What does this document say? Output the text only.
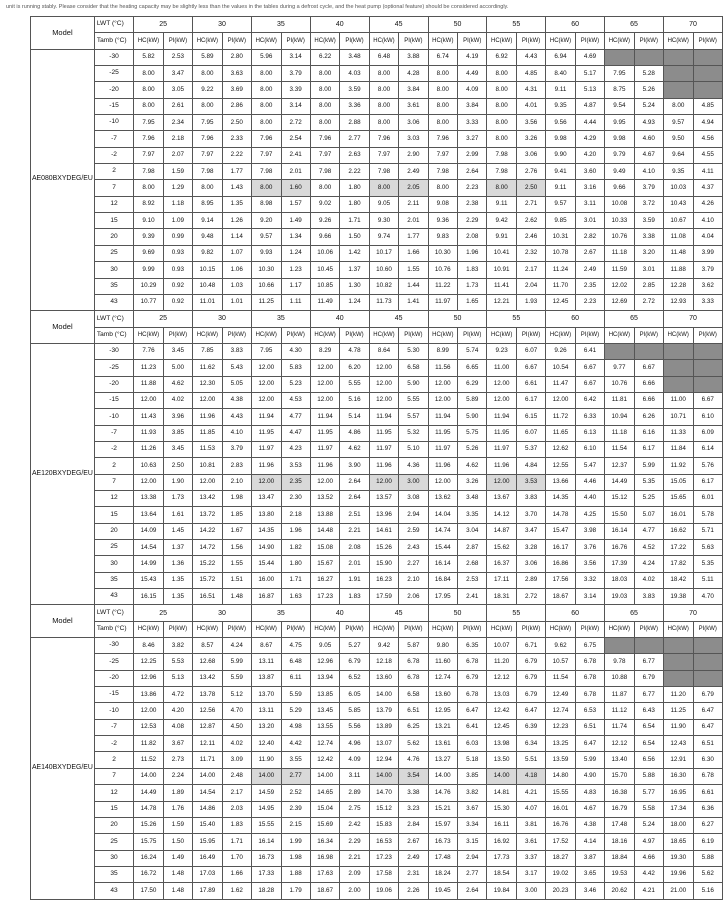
unit is running stably. Please consider that the heating capacity may be slightly less than the values in the tables during a defrost cycle, and the heat pump (optional feature) should be considered accordingly.
Model	LWT (°C)	25		30		35		40		45		50		55		60		65		70	
	Tamb (°C)	HC(kW)	PI(kW)	HC(kW)	PI(kW)	HC(kW)	PI(kW)	HC(kW)	PI(kW)	HC(kW)	PI(kW)	HC(kW)	PI(kW)	HC(kW)	PI(kW)	HC(kW)	PI(kW)	HC(kW)	PI(kW)	HC(kW)	PI(kW)
AE080BXYDEG/EU	-30	5.82	2.53	5.89	2.80	5.96	3.14	6.22	3.48	6.48	3.88	6.74	4.19	6.92	4.43	6.94	4.69				
	-25	8.00	3.47	8.00	3.63	8.00	3.79	8.00	4.03	8.00	4.28	8.00	4.49	8.00	4.85	8.40	5.17	7.95	5.28		
	-20	8.00	3.05	9.22	3.69	8.00	3.39	8.00	3.59	8.00	3.84	8.00	4.09	8.00	4.31	9.11	5.13	8.75	5.26		
	-15	8.00	2.61	8.00	2.86	8.00	3.14	8.00	3.36	8.00	3.61	8.00	3.84	8.00	4.01	9.35	4.87	9.54	5.24	8.00	4.85
	-10	7.95	2.34	7.95	2.50	8.00	2.72	8.00	2.88	8.00	3.06	8.00	3.33	8.00	3.56	9.56	4.44	9.95	4.93	9.57	4.94
	-7	7.96	2.18	7.96	2.33	7.96	2.54	7.96	2.77	7.96	3.03	7.96	3.27	8.00	3.26	9.98	4.29	9.98	4.60	9.50	4.56
	-2	7.97	2.07	7.97	2.22	7.97	2.41	7.97	2.63	7.97	2.90	7.97	2.99	7.98	3.06	9.90	4.20	9.79	4.67	9.64	4.55
	2	7.98	1.59	7.98	1.77	7.98	2.01	7.98	2.22	7.98	2.49	7.98	2.64	7.98	2.76	9.41	3.60	9.49	4.10	9.35	4.11
	7	8.00	1.29	8.00	1.43	8.00	1.60	8.00	1.80	8.00	2.05	8.00	2.23	8.00	2.50	9.11	3.16	9.66	3.79	10.03	4.37
	12	8.92	1.18	8.95	1.35	8.98	1.57	9.02	1.80	9.05	2.11	9.08	2.38	9.11	2.71	9.57	3.11	10.08	3.72	10.43	4.26
	15	9.10	1.09	9.14	1.26	9.20	1.49	9.26	1.71	9.30	2.01	9.36	2.29	9.42	2.62	9.85	3.01	10.33	3.59	10.67	4.10
	20	9.39	0.99	9.48	1.14	9.57	1.34	9.66	1.50	9.74	1.77	9.83	2.08	9.91	2.46	10.31	2.82	10.76	3.38	11.08	4.04
	25	9.69	0.93	9.82	1.07	9.93	1.24	10.06	1.42	10.17	1.66	10.30	1.96	10.41	2.32	10.78	2.67	11.18	3.20	11.48	3.99
	30	9.99	0.93	10.15	1.06	10.30	1.23	10.45	1.37	10.60	1.55	10.76	1.83	10.91	2.17	11.24	2.49	11.59	3.01	11.88	3.79
	35	10.29	0.92	10.48	1.03	10.66	1.17	10.85	1.30	10.82	1.44	11.22	1.73	11.41	2.04	11.70	2.35	12.02	2.85	12.28	3.62
	43	10.77	0.92	11.01	1.01	11.25	1.11	11.49	1.24	11.73	1.41	11.97	1.65	12.21	1.93	12.45	2.23	12.69	2.72	12.93	3.33
Model	LWT (°C)	25		30		35		40		45		50		55		60		65		70	
	Tamb (°C)	HC(kW)	PI(kW)	HC(kW)	PI(kW)	HC(kW)	PI(kW)	HC(kW)	PI(kW)	HC(kW)	PI(kW)	HC(kW)	PI(kW)	HC(kW)	PI(kW)	HC(kW)	PI(kW)	HC(kW)	PI(kW)	HC(kW)	PI(kW)
AE120BXYDEG/EU	-30	7.76	3.45	7.85	3.83	7.95	4.30	8.29	4.78	8.64	5.30	8.99	5.74	9.23	6.07	9.26	6.41				
	-25	11.23	5.00	11.62	5.43	12.00	5.83	12.00	6.20	12.00	6.58	11.56	6.65	11.00	6.67	10.54	6.67	9.77	6.67		
	-20	11.88	4.62	12.30	5.05	12.00	5.23	12.00	5.55	12.00	5.90	12.00	6.29	12.00	6.61	11.47	6.67	10.76	6.66		
	-15	12.00	4.02	12.00	4.38	12.00	4.53	12.00	5.16	12.00	5.55	12.00	5.89	12.00	6.17	12.00	6.42	11.81	6.66	11.00	6.67
	-10	11.43	3.96	11.96	4.43	11.94	4.77	11.94	5.14	11.94	5.57	11.94	5.90	11.94	6.15	11.72	6.33	10.94	6.26	10.71	6.10
	-7	11.93	3.85	11.85	4.10	11.95	4.47	11.95	4.86	11.95	5.32	11.95	5.75	11.95	6.07	11.65	6.13	11.18	6.16	11.33	6.09
	-2	11.26	3.45	11.53	3.79	11.97	4.23	11.97	4.62	11.97	5.10	11.97	5.26	11.97	5.37	12.62	6.10	11.54	6.17	11.84	6.14
	2	10.63	2.50	10.81	2.83	11.96	3.53	11.96	3.90	11.96	4.36	11.96	4.62	11.96	4.84	12.55	5.47	12.37	5.99	11.92	5.76
	7	12.00	1.90	12.00	2.10	12.00	2.35	12.00	2.64	12.00	3.00	12.00	3.26	12.00	3.53	13.66	4.46	14.49	5.35	15.05	6.17
	12	13.38	1.73	13.42	1.98	13.47	2.30	13.52	2.64	13.57	3.08	13.62	3.48	13.67	3.83	14.35	4.40	15.12	5.25	15.65	6.01
	15	13.64	1.61	13.72	1.85	13.80	2.18	13.88	2.51	13.96	2.94	14.04	3.35	14.12	3.70	14.78	4.25	15.50	5.07	16.01	5.78
	20	14.09	1.45	14.22	1.67	14.35	1.96	14.48	2.21	14.61	2.59	14.74	3.04	14.87	3.47	15.47	3.98	16.14	4.77	16.62	5.71
	25	14.54	1.37	14.72	1.56	14.90	1.82	15.08	2.08	15.26	2.43	15.44	2.87	15.62	3.28	16.17	3.76	16.76	4.52	17.22	5.63
	30	14.99	1.36	15.22	1.55	15.44	1.80	15.67	2.01	15.90	2.27	16.14	2.68	16.37	3.06	16.86	3.56	17.39	4.24	17.82	5.35
	35	15.43	1.35	15.72	1.51	16.00	1.71	16.27	1.91	16.23	2.10	16.84	2.53	17.11	2.89	17.56	3.32	18.03	4.02	18.42	5.11
	43	16.15	1.35	16.51	1.48	16.87	1.63	17.23	1.83	17.59	2.06	17.95	2.41	18.31	2.72	18.67	3.14	19.03	3.83	19.38	4.70
Model	LWT (°C)	25		30		35		40		45		50		55		60		65		70	
	Tamb (°C)	HC(kW)	PI(kW)	HC(kW)	PI(kW)	HC(kW)	PI(kW)	HC(kW)	PI(kW)	HC(kW)	PI(kW)	HC(kW)	PI(kW)	HC(kW)	PI(kW)	HC(kW)	PI(kW)	HC(kW)	PI(kW)	HC(kW)	PI(kW)
AE140BXYDEG/EU	-30	8.46	3.82	8.57	4.24	8.67	4.75	9.05	5.27	9.42	5.87	9.80	6.35	10.07	6.71	9.62	6.75				
	-25	12.25	5.53	12.68	5.99	13.11	6.48	12.96	6.79	12.18	6.78	11.60	6.78	11.20	6.79	10.57	6.78	9.78	6.77		
	-20	12.96	5.13	13.42	5.59	13.87	6.11	13.94	6.52	13.60	6.78	12.74	6.79	12.12	6.79	11.54	6.78	10.88	6.79		
	-15	13.86	4.72	13.78	5.12	13.70	5.59	13.85	6.05	14.00	6.58	13.60	6.78	13.03	6.79	12.49	6.78	11.87	6.77	11.20	6.79
	-10	12.00	4.20	12.56	4.70	13.11	5.29	13.45	5.85	13.79	6.51	12.95	6.47	12.42	6.47	12.74	6.53	11.12	6.43	11.25	6.47
	-7	12.53	4.08	12.87	4.50	13.20	4.98	13.55	5.56	13.89	6.25	13.21	6.41	12.45	6.39	12.23	6.51	11.74	6.54	11.90	6.47
	-2	11.82	3.67	12.11	4.02	12.40	4.42	12.74	4.96	13.07	5.62	13.61	6.03	13.98	6.34	13.25	6.47	12.12	6.54	12.43	6.51
	2	11.52	2.73	11.71	3.09	11.90	3.55	12.42	4.09	12.94	4.76	13.27	5.18	13.50	5.51	13.59	5.99	13.40	6.56	12.91	6.30
	7	14.00	2.24	14.00	2.48	14.00	2.77	14.00	3.11	14.00	3.54	14.00	3.85	14.00	4.18	14.80	4.90	15.70	5.88	16.30	6.78
	12	14.49	1.89	14.54	2.17	14.59	2.52	14.65	2.89	14.70	3.38	14.76	3.82	14.81	4.21	15.55	4.83	16.38	5.77	16.95	6.61
	15	14.78	1.76	14.86	2.03	14.95	2.39	15.04	2.75	15.12	3.23	15.21	3.67	15.30	4.07	16.01	4.67	16.79	5.58	17.34	6.36
	20	15.26	1.59	15.40	1.83	15.55	2.15	15.69	2.42	15.83	2.84	15.97	3.34	16.11	3.81	16.76	4.38	17.48	5.24	18.00	6.27
	25	15.75	1.50	15.95	1.71	16.14	1.99	16.34	2.29	16.53	2.67	16.73	3.15	16.92	3.61	17.52	4.14	18.16	4.97	18.65	6.19
	30	16.24	1.49	16.49	1.70	16.73	1.98	16.98	2.21	17.23	2.49	17.48	2.94	17.73	3.37	18.27	3.87	18.84	4.66	19.30	5.88
	35	16.72	1.48	17.03	1.66	17.33	1.88	17.63	2.09	17.58	2.31	18.24	2.77	18.54	3.17	19.02	3.65	19.53	4.42	19.96	5.62
	43	17.50	1.48	17.89	1.62	18.28	1.79	18.67	2.00	19.06	2.26	19.45	2.64	19.84	3.00	20.23	3.46	20.62	4.21	21.00	5.16
